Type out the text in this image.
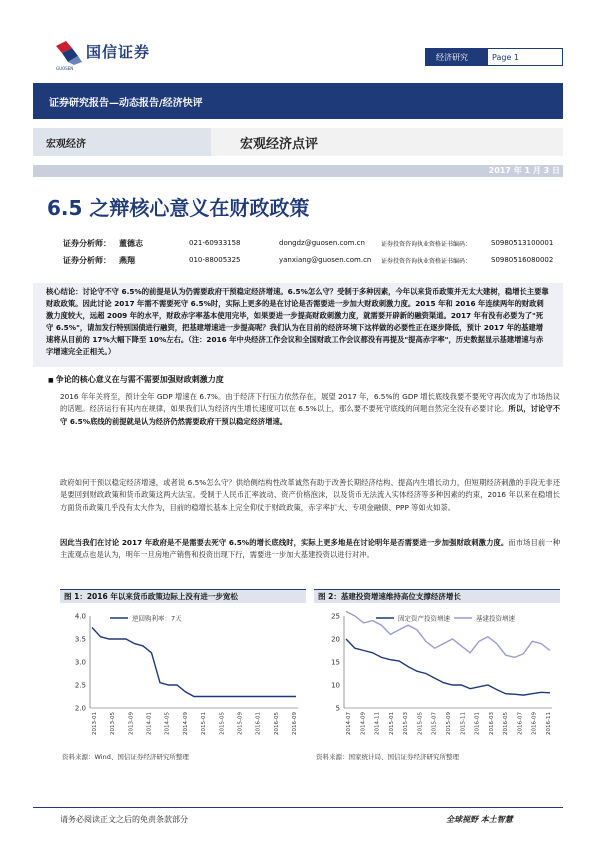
国信证券
GUOSEN
经济研究	Page 1
证券研究报告—动态报告/经济快评
宏观经济	宏观经济点评
2017 年 1 月 3 日
6.5 之辩核心意义在财政政策
证券分析师： 董德志	021-60933158	dongdz@guosen.com.cn	证券投资咨询执业资格证书编码：	S0980513100001
证券分析师： 燕翔	010-88005325	yanxiang@guosen.com.cn 证券投资咨询执业资格证书编码：	S0980516080002
核心结论：讨论守不守 6.5%的前提是认为仍需要政府干预稳定经济增速。6.5%怎么守？受制于多种因素，今年以来货币政策并无太大建树，稳增长主要靠财政政策。因此讨论 2017 年需不需要死守 6.5%时，实际上更多的是在讨论是否需要进一步加大财政刺激力度。2015 年和 2016 年连续两年的财政刺激力度较大，远超 2009 年的水平，财政赤字率基本使用完毕，如果要进一步提高财政刺激力度，就需要开辟新的融资渠道。2017 年有没有必要为了"死守 6.5%"，请加发行特别国债进行融资，把基建增速进一步提高呢？我们认为在目前的经济环境下这样做的必要性正在逐步降低，预计 2017 年的基建增速将从目前的 17%大幅下降至 10%左右。（注：2016 年中央经济工作会议和全国财政工作会议都没有再提及"提高赤字率"，历史数据显示基建增速与赤字增速完全正相关。）
■ 争论的核心意义在与需不需要加强财政刺激力度
2016 年年关将至，预计全年 GDP 增速在 6.7%。由于经济下行压力依然存在，展望 2017 年，6.5%的 GDP 增长底线我要不要死守再次成为了市场热议的话题。经济运行有其内在规律，如果我们认为经济内生增长速度可以在 6.5%以上，那么要不要死守底线的问题自然完全没有必要讨论。所以，讨论守不守 6.5%底线的前提就是认为经济仍然需要政府干预以稳定经济增速。
政府如何干预以稳定经济增速，或者说 6.5%怎么守？供给侧结构性改革诚然有助于改善长期经济结构、提高内生增长动力，但短期经济刺激的手段无非还是要回到财政政策和货币政策这两大法宝。受制于人民币汇率波动、资产价格泡沫，以及货币无法流入实体经济等多种因素的约束，2016 年以来在稳增长方面货币政策几乎没有太大作为，目前的稳增长基本上完全仰仗于财政政策，赤字率扩大、专项金融债、PPP 等如火如荼。
因此当我们在讨论 2017 年政府是不是需要去死守 6.5%的增长底线时，实际上更多地是在讨论明年是否需要进一步加强财政刺激力度。而市场目前一种主流观点也是认为，明年一旦房地产销售和投资出现下行，需要进一步加大基建投资以进行对冲。
图 1：2016 年以来货币政策边际上没有进一步宽松	图 2：基建投资增速维持高位支撑经济增长
2.0
2.5
3.0
3.5
4.0
2013-01 2013-05 2013-09 2014-01 2014-05 2014-09 2015-01 2015-05 2015-09 2016-01 2016-05 2016-09
逆回购利率：7天
5
10
15
20
25
2014-07 2014-09 2014-11 2015-01 2015-03 2015-05 2015-07 2015-09 2015-11 2016-01 2016-03 2016-05 2016-07 2016-09 2016-11
固定资产投资增速	基建投资增速
资料来源：Wind、国信证券经济研究所整理	资料来源：国家统计局、国信证券经济研究所整理
请务必阅读正文之后的免责条款部分	全球视野 本土智慧
